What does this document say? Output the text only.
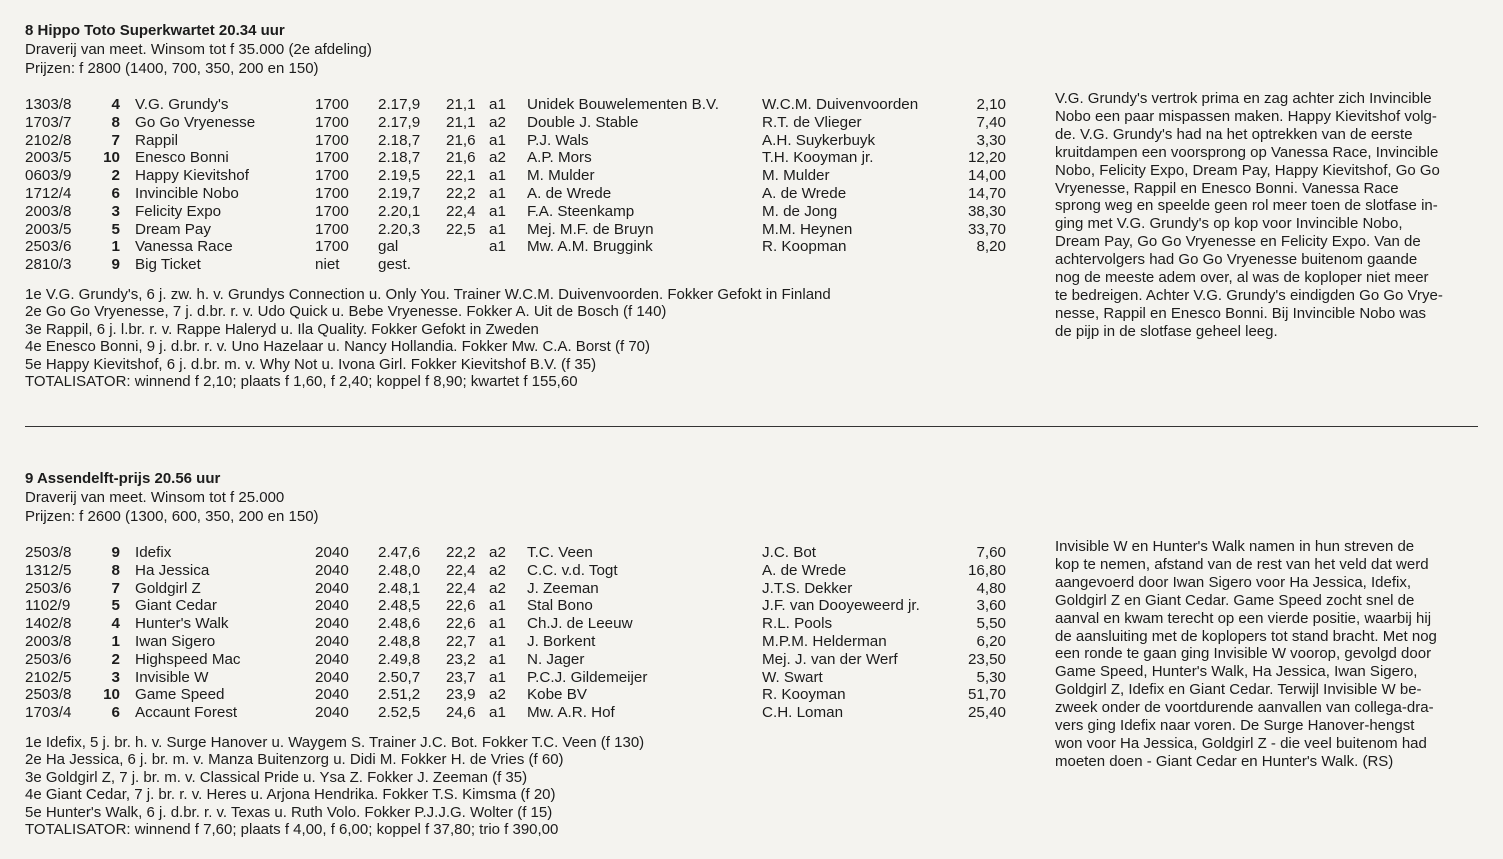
8 Hippo Toto Superkwartet 20.34 uur
Draverij van meet. Winsom tot f 35.000 (2e afdeling)
Prijzen: f 2800 (1400, 700, 350, 200 en 150)
1303/8	4 V.G. Grundy's	1700 2.17,9 21,1 a1 Unidek Bouwelementen B.V.	W.C.M. Duivenvoorden	2,10
1703/7	8 Go Go Vryenesse	1700 2.17,9 21,1 a2 Double J. Stable	R.T. de Vlieger	7,40
2102/8	7 Rappil	1700 2.18,7 21,6 a1 P.J. Wals	A.H. Suykerbuyk	3,30
2003/5	10 Enesco Bonni	1700 2.18,7 21,6 a2 A.P. Mors	T.H. Kooyman jr.	12,20
0603/9	2 Happy Kievitshof	1700 2.19,5 22,1 a1 M. Mulder	M. Mulder	14,00
1712/4	6 Invincible Nobo	1700 2.19,7 22,2 a1 A. de Wrede	A. de Wrede	14,70
2003/8	3 Felicity Expo	1700 2.20,1 22,4 a1 F.A. Steenkamp	M. de Jong	38,30
2003/5	5 Dream Pay	1700 2.20,3 22,5 a1 Mej. M.F. de Bruyn	M.M. Heynen	33,70
2503/6	1 Vanessa Race	1700 gal	a1 Mw. A.M. Bruggink	R. Koopman	8,20
2810/3	9 Big Ticket	niet	gest.
1e V.G. Grundy's, 6 j. zw. h. v. Grundys Connection u. Only You. Trainer W.C.M. Duivenvoorden. Fokker Gefokt in Finland
2e Go Go Vryenesse, 7 j. d.br. r. v. Udo Quick u. Bebe Vryenesse. Fokker A. Uit de Bosch (f 140)
3e Rappil, 6 j. l.br. r. v. Rappe Haleryd u. Ila Quality. Fokker Gefokt in Zweden
4e Enesco Bonni, 9 j. d.br. r. v. Uno Hazelaar u. Nancy Hollandia. Fokker Mw. C.A. Borst (f 70)
5e Happy Kievitshof, 6 j. d.br. m. v. Why Not u. Ivona Girl. Fokker Kievitshof B.V. (f 35)
TOTALISATOR: winnend f 2,10; plaats f 1,60, f 2,40; koppel f 8,90; kwartet f 155,60
V.G. Grundy's vertrok prima en zag achter zich Invincible
Nobo een paar mispassen maken. Happy Kievitshof volg-
de. V.G. Grundy's had na het optrekken van de eerste
kruitdampen een voorsprong op Vanessa Race, Invincible
Nobo, Felicity Expo, Dream Pay, Happy Kievitshof, Go Go
Vryenesse, Rappil en Enesco Bonni. Vanessa Race
sprong weg en speelde geen rol meer toen de slotfase in-
ging met V.G. Grundy's op kop voor Invincible Nobo,
Dream Pay, Go Go Vryenesse en Felicity Expo. Van de
achtervolgers had Go Go Vryenesse buitenom gaande
nog de meeste adem over, al was de koploper niet meer
te bedreigen. Achter V.G. Grundy's eindigden Go Go Vrye-
nesse, Rappil en Enesco Bonni. Bij Invincible Nobo was
de pijp in de slotfase geheel leeg.
9 Assendelft-prijs 20.56 uur
Draverij van meet. Winsom tot f 25.000
Prijzen: f 2600 (1300, 600, 350, 200 en 150)
2503/8	9 Idefix	2040 2.47,6 22,2 a2 T.C. Veen	J.C. Bot	7,60
1312/5	8 Ha Jessica	2040 2.48,0 22,4 a2 C.C. v.d. Togt	A. de Wrede	16,80
2503/6	7 Goldgirl Z	2040 2.48,1 22,4 a2 J. Zeeman	J.T.S. Dekker	4,80
1102/9	5 Giant Cedar	2040 2.48,5 22,6 a1 Stal Bono	J.F. van Dooyeweerd jr.	3,60
1402/8	4 Hunter's Walk	2040 2.48,6 22,6 a1 Ch.J. de Leeuw	R.L. Pools	5,50
2003/8	1 Iwan Sigero	2040 2.48,8 22,7 a1 J. Borkent	M.P.M. Helderman	6,20
2503/6	2 Highspeed Mac	2040 2.49,8 23,2 a1 N. Jager	Mej. J. van der Werf	23,50
2102/5	3 Invisible W	2040 2.50,7 23,7 a1 P.C.J. Gildemeijer	W. Swart	5,30
2503/8	10 Game Speed	2040 2.51,2 23,9 a2 Kobe BV	R. Kooyman	51,70
1703/4	6 Accaunt Forest	2040 2.52,5 24,6 a1 Mw. A.R. Hof	C.H. Loman	25,40
1e Idefix, 5 j. br. h. v. Surge Hanover u. Waygem S. Trainer J.C. Bot. Fokker T.C. Veen (f 130)
2e Ha Jessica, 6 j. br. m. v. Manza Buitenzorg u. Didi M. Fokker H. de Vries (f 60)
3e Goldgirl Z, 7 j. br. m. v. Classical Pride u. Ysa Z. Fokker J. Zeeman (f 35)
4e Giant Cedar, 7 j. br. r. v. Heres u. Arjona Hendrika. Fokker T.S. Kimsma (f 20)
5e Hunter's Walk, 6 j. d.br. r. v. Texas u. Ruth Volo. Fokker P.J.J.G. Wolter (f 15)
TOTALISATOR: winnend f 7,60; plaats f 4,00, f 6,00; koppel f 37,80; trio f 390,00
Invisible W en Hunter's Walk namen in hun streven de
kop te nemen, afstand van de rest van het veld dat werd
aangevoerd door Iwan Sigero voor Ha Jessica, Idefix,
Goldgirl Z en Giant Cedar. Game Speed zocht snel de
aanval en kwam terecht op een vierde positie, waarbij hij
de aansluiting met de koplopers tot stand bracht. Met nog
een ronde te gaan ging Invisible W voorop, gevolgd door
Game Speed, Hunter's Walk, Ha Jessica, Iwan Sigero,
Goldgirl Z, Idefix en Giant Cedar. Terwijl Invisible W be-
zweek onder de voortdurende aanvallen van collega-dra-
vers ging Idefix naar voren. De Surge Hanover-hengst
won voor Ha Jessica, Goldgirl Z - die veel buitenom had
moeten doen - Giant Cedar en Hunter's Walk. (RS)
